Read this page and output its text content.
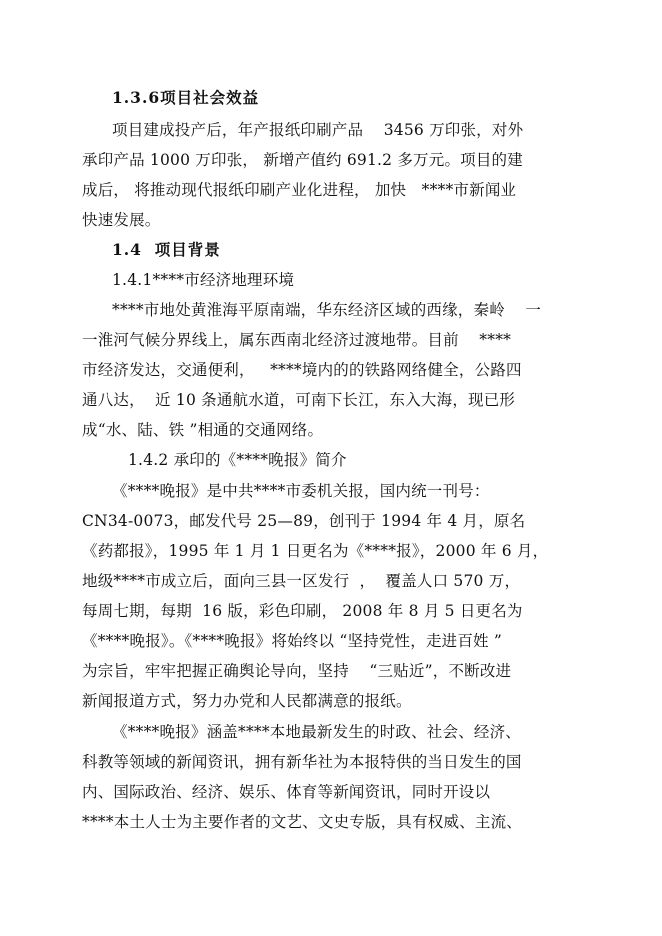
1.3.6项目社会效益
项目建成投产后，年产报纸印刷产品    3456 万印张，对外
承印产品 1000 万印张， 新增产值约 691.2 多万元。项目的建
成后， 将推动现代报纸印刷产业化进程， 加快   ****市新闻业
快速发展。
1.4  项目背景
1.4.1****市经济地理环境
****市地处黄淮海平原南端，华东经济区域的西缘，秦岭    一
一淮河气候分界线上，属东西南北经济过渡地带。目前    ****
市经济发达，交通便利，   ****境内的的铁路网络健全，公路四
通八达，  近 10 条通航水道，可南下长江，东入大海，现已形
成“水、陆、铁 ”相通的交通网络。
1.4.2 承印的《****晚报》简介
《****晚报》是中共****市委机关报，国内统一刊号：
CN34-0073，邮发代号 25—89，创刊于 1994 年 4 月，原名
《药都报》，1995 年 1 月 1 日更名为《****报》，2000 年 6 月，
地级****市成立后，面向三县一区发行  ，  覆盖人口 570 万，
每周七期，每期  16 版，彩色印刷， 2008 年 8 月 5 日更名为
《****晚报》。《****晚报》将始终以 “坚持党性，走进百姓 ”
为宗旨，牢牢把握正确舆论导向，坚持    “三贴近”，不断改进
新闻报道方式，努力办党和人民都满意的报纸。
《****晚报》涵盖****本地最新发生的时政、社会、经济、
科教等领域的新闻资讯，拥有新华社为本报特供的当日发生的国
内、国际政治、经济、娱乐、体育等新闻资讯，同时开设以
****本土人士为主要作者的文艺、文史专版，具有权威、主流、
